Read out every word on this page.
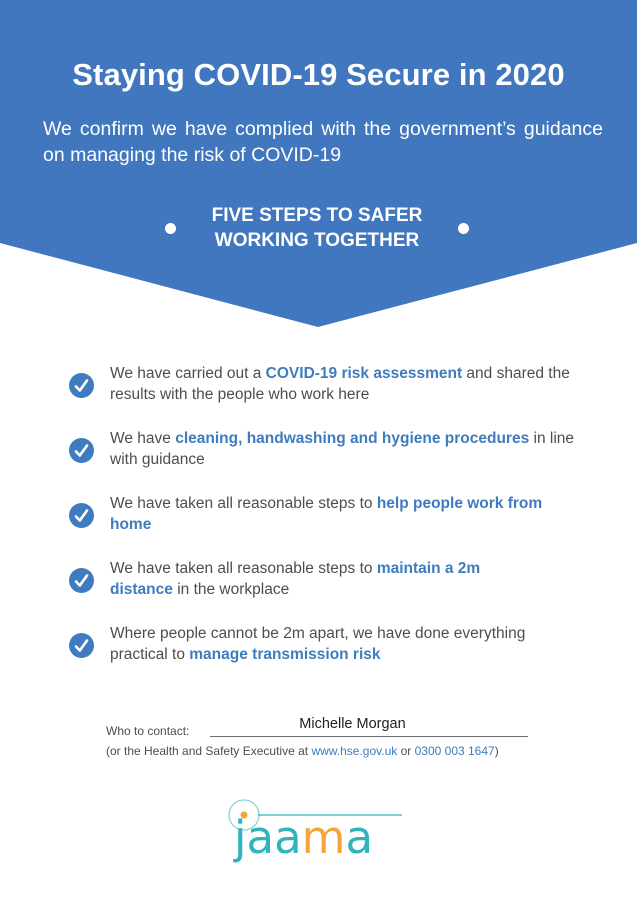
Staying COVID-19 Secure in 2020

We confirm we have complied with the government’s guidance on managing the risk of COVID-19

FIVE STEPS TO SAFER
WORKING TOGETHER
We have carried out a COVID-19 risk assessment and shared the results with the people who work here
We have cleaning, handwashing and hygiene procedures in line with guidance
We have taken all reasonable steps to help people work from home
We have taken all reasonable steps to maintain a 2m distance in the workplace
Where people cannot be 2m apart, we have done everything practical to manage transmission risk
Who to contact:	Michelle Morgan
(or the Health and Safety Executive at www.hse.gov.uk or 0300 003 1647)
jaama
